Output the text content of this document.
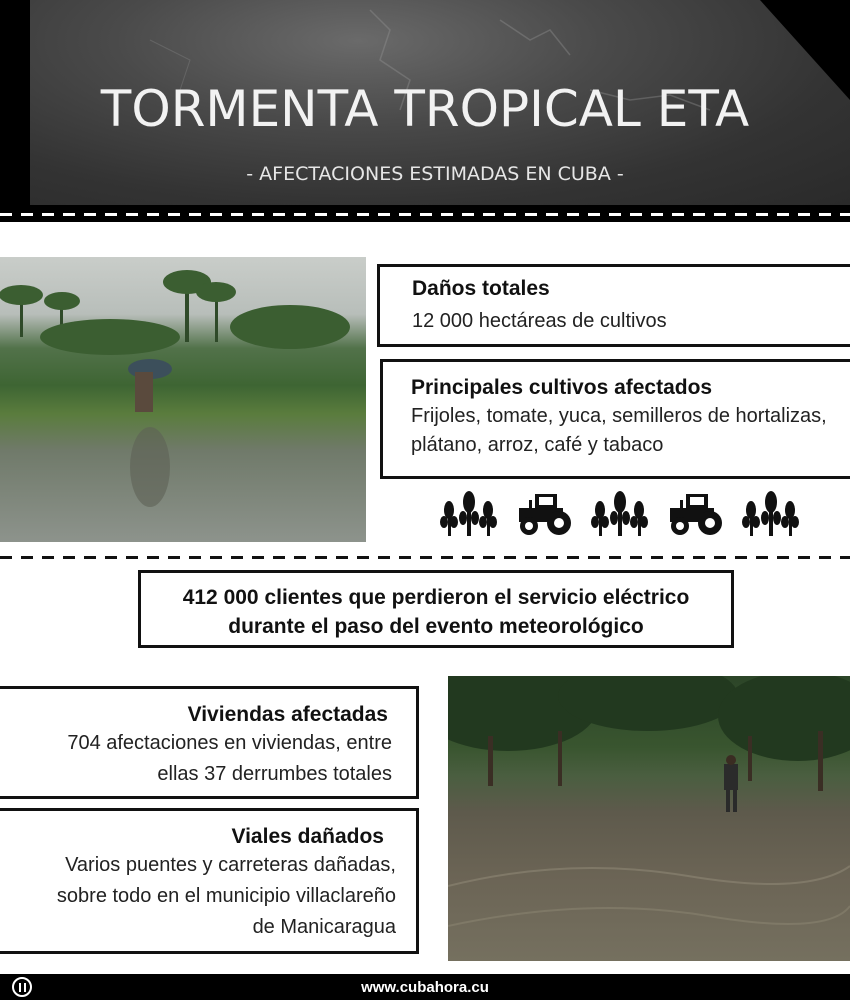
TORMENTA TROPICAL ETA
- AFECTACIONES ESTIMADAS EN CUBA -
Daños totales
12 000 hectáreas de cultivos
Principales cultivos afectados
Frijoles, tomate, yuca, semilleros de hortalizas, plátano, arroz, café y tabaco
412 000 clientes que perdieron el servicio eléctrico
durante el paso del evento meteorológico
Viviendas afectadas
704 afectaciones en viviendas, entre
ellas 37 derrumbes totales
Viales dañados
Varios puentes y carreteras dañadas,
sobre todo en el municipio villaclareño
de Manicaragua
www.cubahora.cu
